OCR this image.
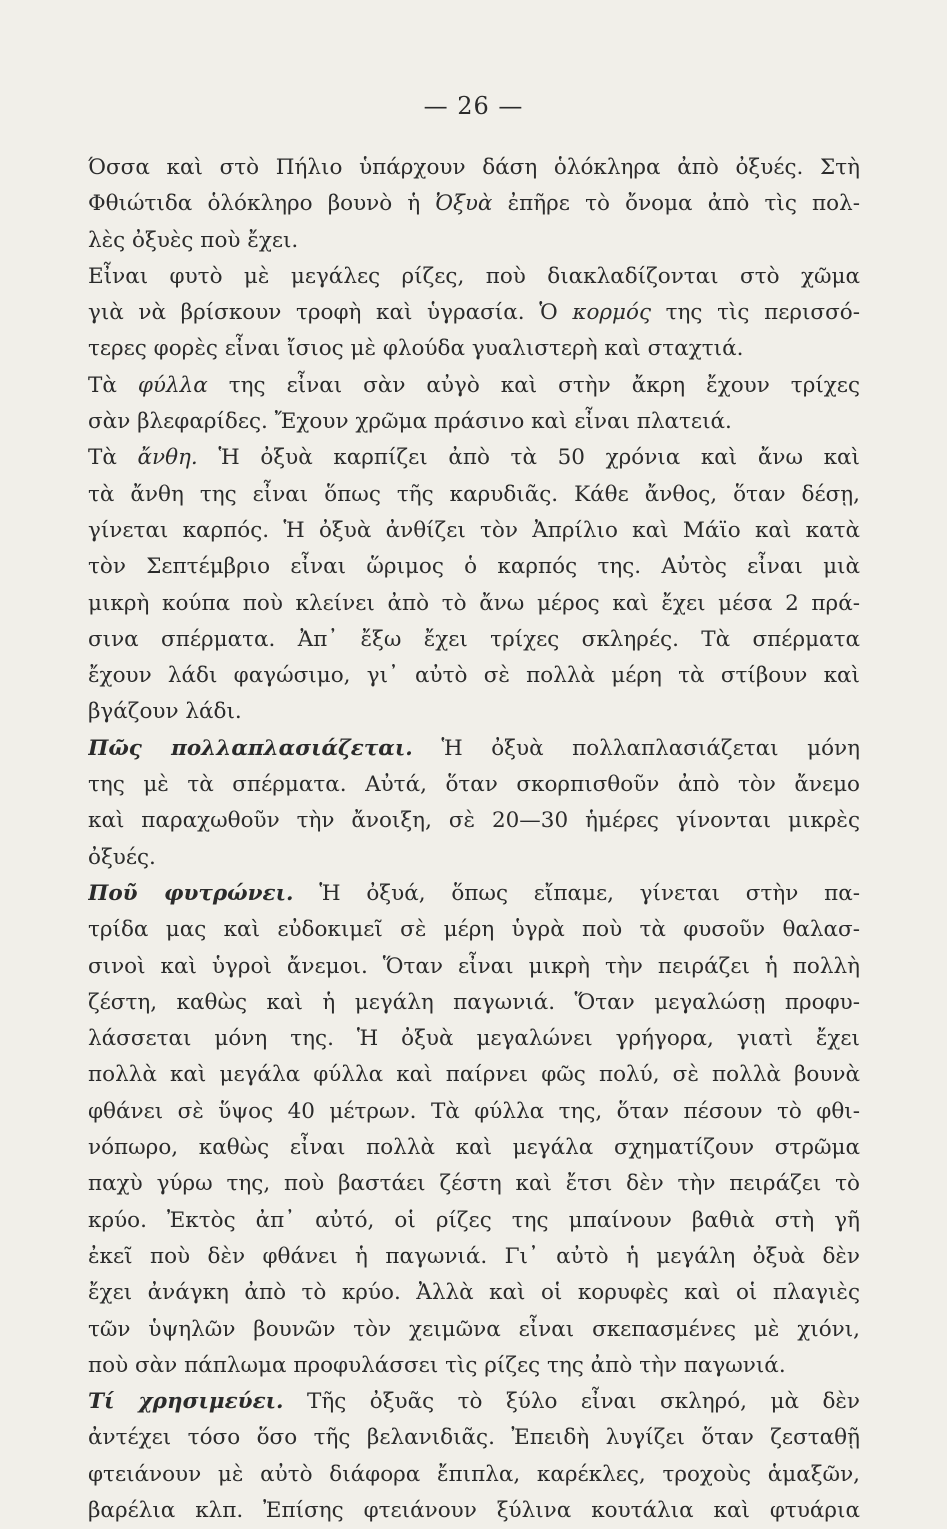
— 26 —
Όσσα καὶ στὸ Πήλιο ὑπάρχουν δάση ὁλόκληρα ἀπὸ ὀξυές. Στὴ
Φθιώτιδα ὁλόκληρο βουνὸ ἡ Ὀξυὰ ἐπῆρε τὸ ὄνομα ἀπὸ τὶς πολ-
λὲς ὀξυὲς ποὺ ἔχει.
Εἶναι φυτὸ μὲ μεγάλες ρίζες, ποὺ διακλαδίζονται στὸ χῶμα
γιὰ νὰ βρίσκουν τροφὴ καὶ ὑγρασία. Ὁ κορμός της τὶς περισσό-
τερες φορὲς εἶναι ἴσιος μὲ φλούδα γυαλιστερὴ καὶ σταχτιά.
Τὰ φύλλα της εἶναι σὰν αὐγὸ καὶ στὴν ἄκρη ἔχουν τρίχες
σὰν βλεφαρίδες. Ἔχουν χρῶμα πράσινο καὶ εἶναι πλατειά.
Τὰ ἄνθη. Ἡ ὀξυὰ καρπίζει ἀπὸ τὰ 50 χρόνια καὶ ἄνω καὶ
τὰ ἄνθη της εἶναι ὅπως τῆς καρυδιᾶς. Κάθε ἄνθος, ὅταν δέσῃ,
γίνεται καρπός. Ἡ ὀξυὰ ἀνθίζει τὸν Ἀπρίλιο καὶ Μάϊο καὶ κατὰ
τὸν Σεπτέμβριο εἶναι ὥριμος ὁ καρπός της. Αὐτὸς εἶναι μιὰ
μικρὴ κούπα ποὺ κλείνει ἀπὸ τὸ ἄνω μέρος καὶ ἔχει μέσα 2 πρά-
σινα σπέρματα. Ἀπ᾿ ἔξω ἔχει τρίχες σκληρές. Τὰ σπέρματα
ἔχουν λάδι φαγώσιμο, γι᾿ αὐτὸ σὲ πολλὰ μέρη τὰ στίβουν καὶ
βγάζουν λάδι.
Πῶς πολλαπλασιάζεται. Ἡ ὀξυὰ πολλαπλασιάζεται μόνη
της μὲ τὰ σπέρματα. Αὐτά, ὅταν σκορπισθοῦν ἀπὸ τὸν ἄνεμο
καὶ παραχωθοῦν τὴν ἄνοιξη, σὲ 20—30 ἡμέρες γίνονται μικρὲς
ὀξυές.
Ποῦ φυτρώνει. Ἡ ὀξυά, ὅπως εἴπαμε, γίνεται στὴν πα-
τρίδα μας καὶ εὐδοκιμεῖ σὲ μέρη ὑγρὰ ποὺ τὰ φυσοῦν θαλασ-
σινοὶ καὶ ὑγροὶ ἄνεμοι. Ὅταν εἶναι μικρὴ τὴν πειράζει ἡ πολλὴ
ζέστη, καθὼς καὶ ἡ μεγάλη παγωνιά. Ὅταν μεγαλώσῃ προφυ-
λάσσεται μόνη της. Ἡ ὀξυὰ μεγαλώνει γρήγορα, γιατὶ ἔχει
πολλὰ καὶ μεγάλα φύλλα καὶ παίρνει φῶς πολύ, σὲ πολλὰ βουνὰ
φθάνει σὲ ὕψος 40 μέτρων. Τὰ φύλλα της, ὅταν πέσουν τὸ φθι-
νόπωρο, καθὼς εἶναι πολλὰ καὶ μεγάλα σχηματίζουν στρῶμα
παχὺ γύρω της, ποὺ βαστάει ζέστη καὶ ἔτσι δὲν τὴν πειράζει τὸ
κρύο. Ἐκτὸς ἀπ᾿ αὐτό, οἱ ρίζες της μπαίνουν βαθιὰ στὴ γῆ
ἐκεῖ ποὺ δὲν φθάνει ἡ παγωνιά. Γι᾿ αὐτὸ ἡ μεγάλη ὀξυὰ δὲν
ἔχει ἀνάγκη ἀπὸ τὸ κρύο. Ἀλλὰ καὶ οἱ κορυφὲς καὶ οἱ πλαγιὲς
τῶν ὑψηλῶν βουνῶν τὸν χειμῶνα εἶναι σκεπασμένες μὲ χιόνι,
ποὺ σὰν πάπλωμα προφυλάσσει τὶς ρίζες της ἀπὸ τὴν παγωνιά.
Τί χρησιμεύει. Τῆς ὀξυᾶς τὸ ξύλο εἶναι σκληρό, μὰ δὲν
ἀντέχει τόσο ὅσο τῆς βελανιδιᾶς. Ἐπειδὴ λυγίζει ὅταν ζεσταθῇ
φτειάνουν μὲ αὐτὸ διάφορα ἔπιπλα, καρέκλες, τροχοὺς ἁμαξῶν,
βαρέλια κλπ. Ἐπίσης φτειάνουν ξύλινα κουτάλια καὶ φτυάρια
